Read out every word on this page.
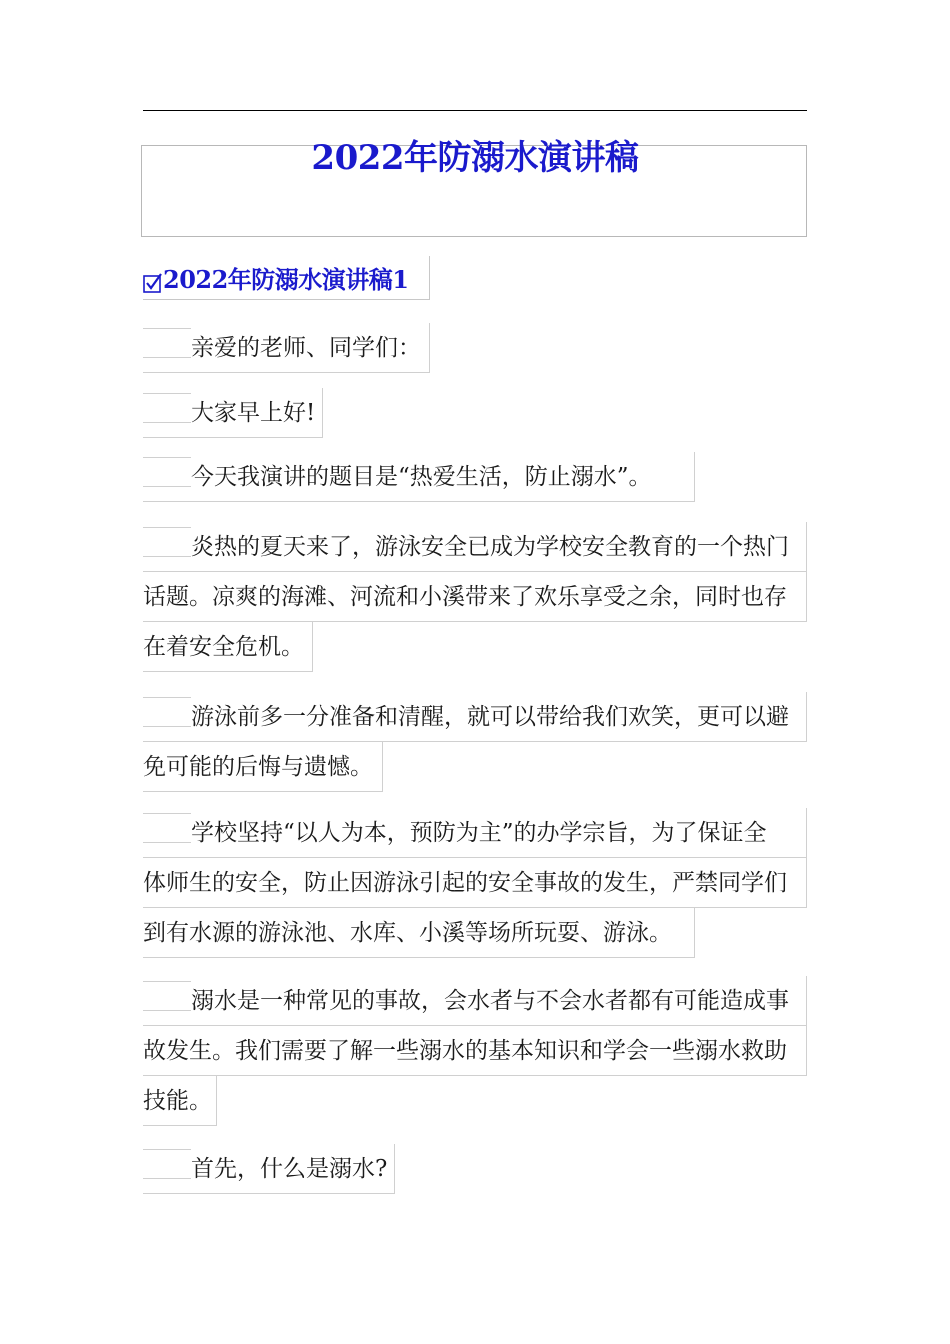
2022年防溺水演讲稿
2022年防溺水演讲稿1
亲爱的老师、同学们：
大家早上好!
今天我演讲的题目是“热爱生活，防止溺水”。
炎热的夏天来了，游泳安全已成为学校安全教育的一个热门
话题。凉爽的海滩、河流和小溪带来了欢乐享受之余，同时也存
在着安全危机。
游泳前多一分准备和清醒，就可以带给我们欢笑，更可以避
免可能的后悔与遗憾。
学校坚持“以人为本，预防为主”的办学宗旨，为了保证全
体师生的安全，防止因游泳引起的安全事故的发生，严禁同学们
到有水源的游泳池、水库、小溪等场所玩耍、游泳。
溺水是一种常见的事故，会水者与不会水者都有可能造成事
故发生。我们需要了解一些溺水的基本知识和学会一些溺水救助
技能。
首先，什么是溺水?
